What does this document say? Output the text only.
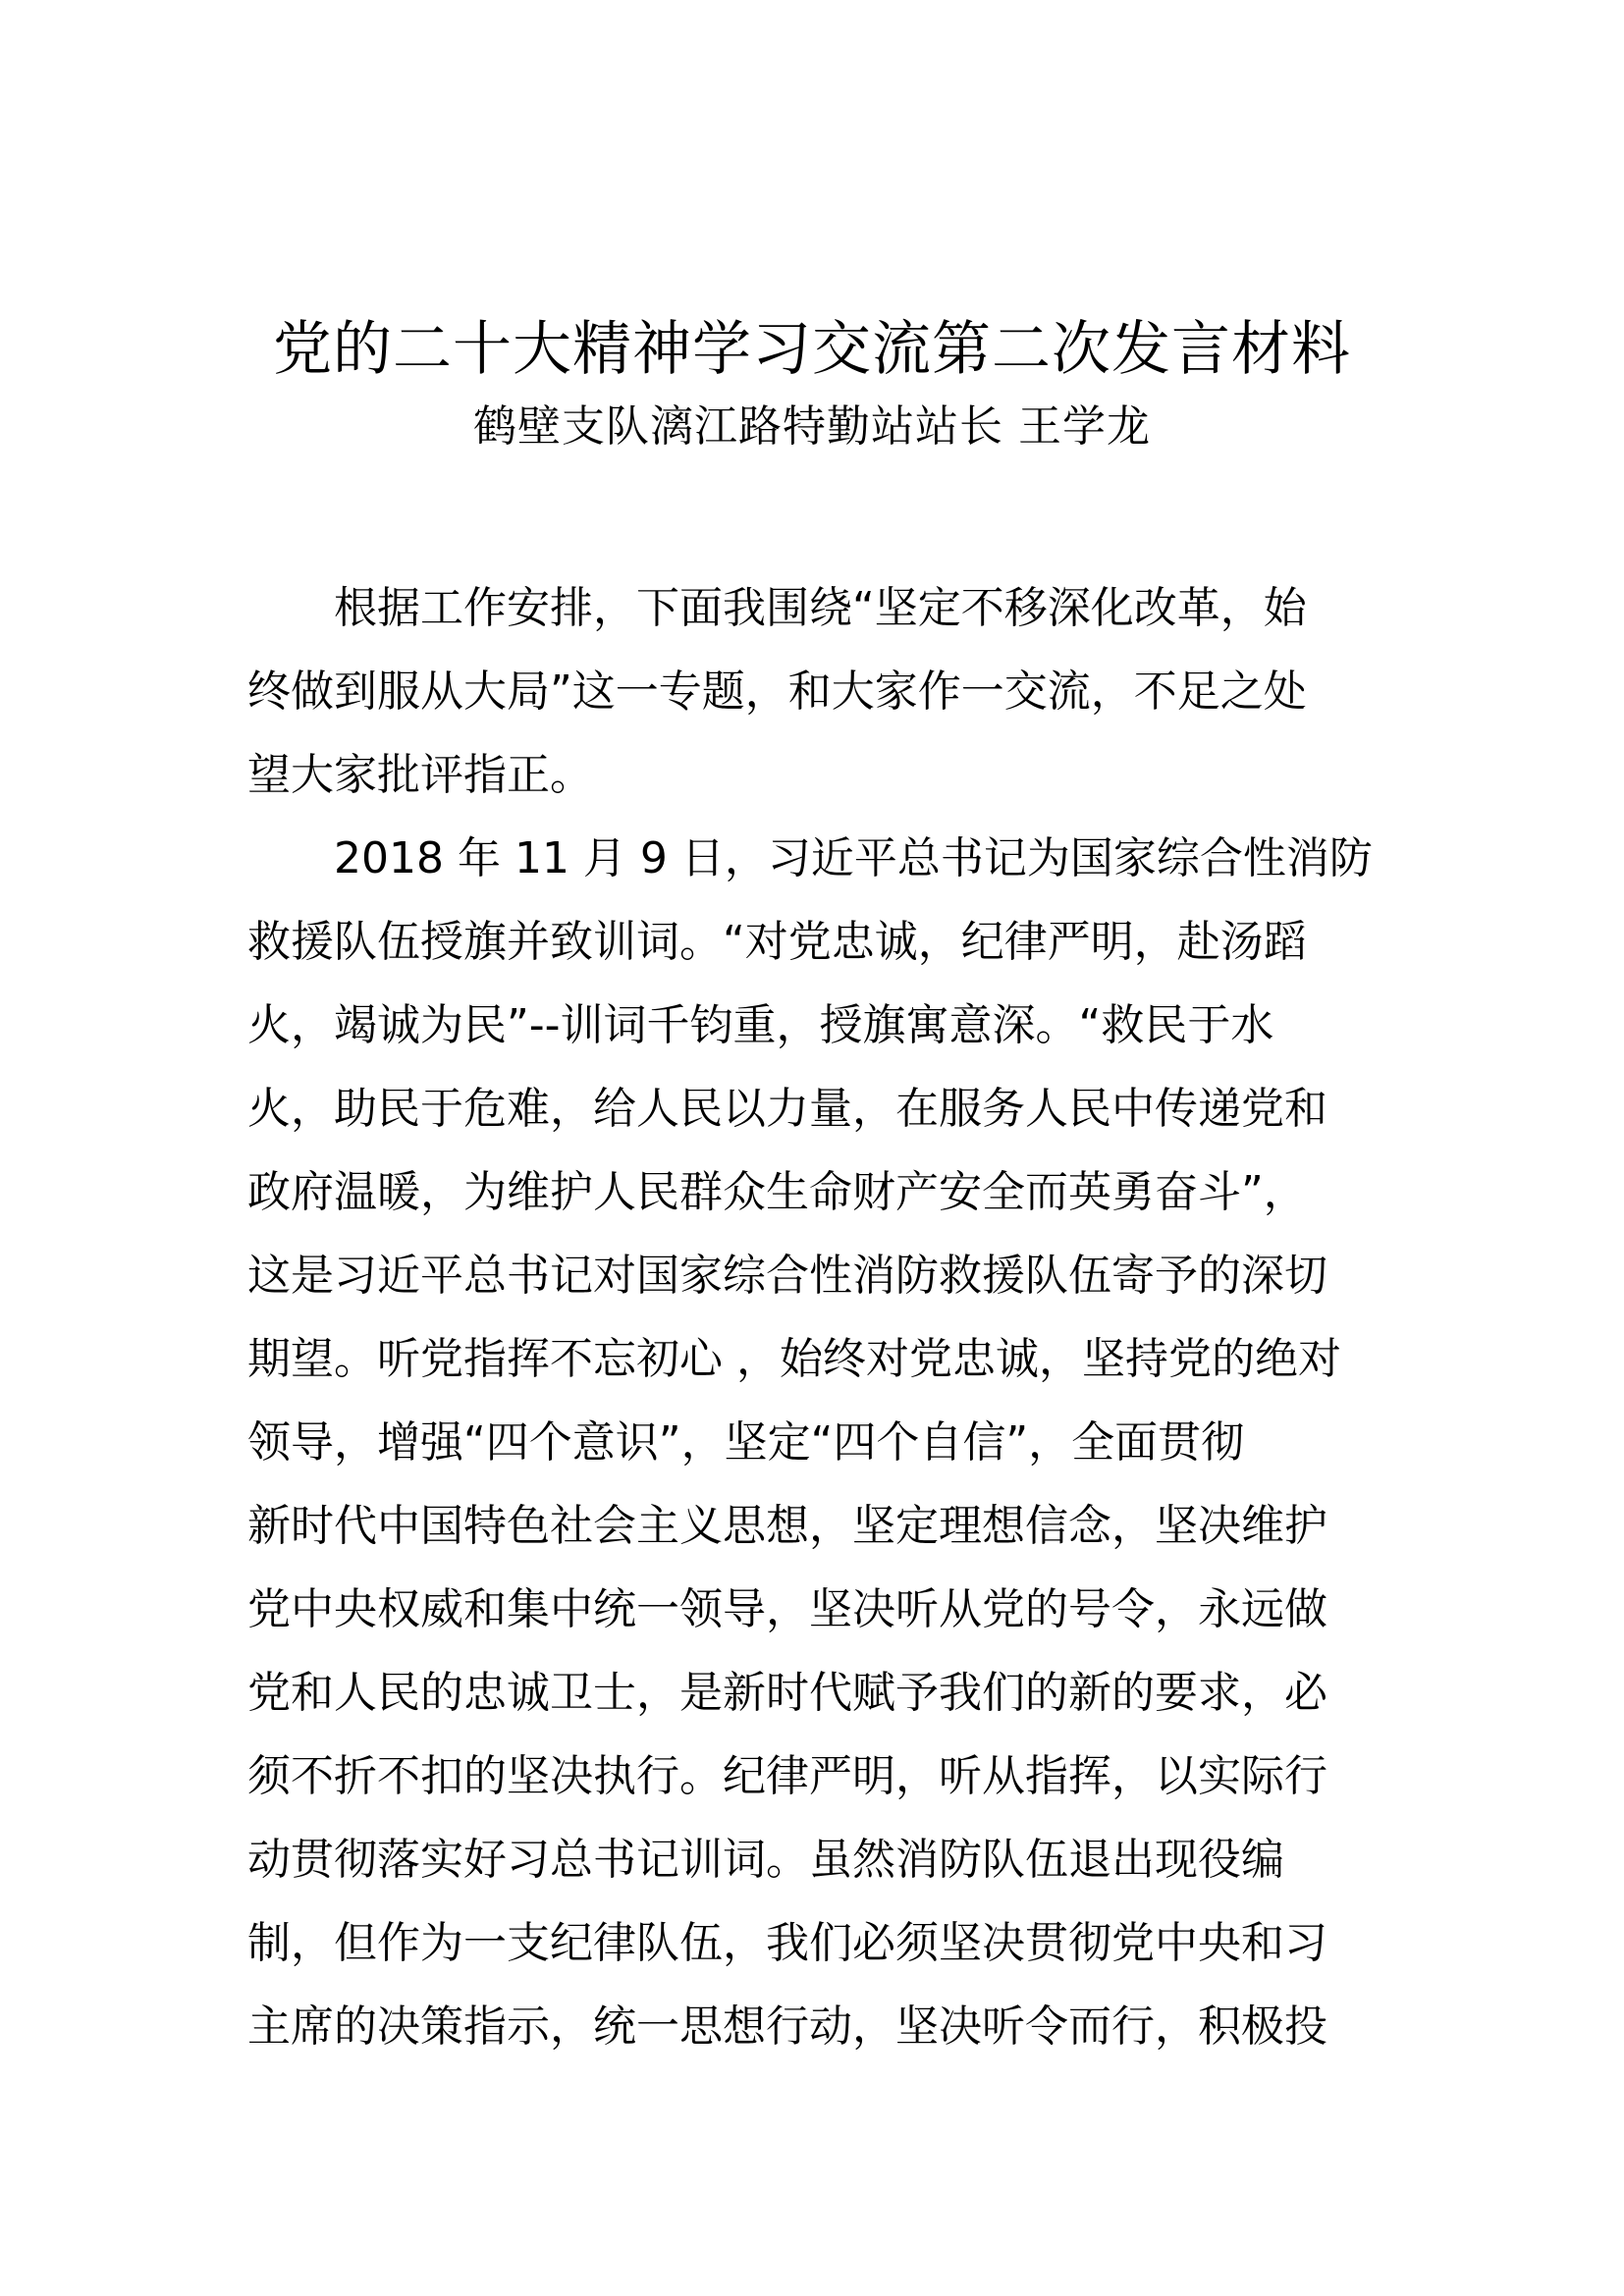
党的二十大精神学习交流第二次发言材料
鹤壁支队漓江路特勤站站长 王学龙
　　根据工作安排，下面我围绕“坚定不移深化改革，始
终做到服从大局”这一专题，和大家作一交流，不足之处
望大家批评指正。
　　2018 年 11 月 9 日，习近平总书记为国家综合性消防
救援队伍授旗并致训词。“对党忠诚，纪律严明，赴汤蹈
火，竭诚为民”--训词千钧重，授旗寓意深。“救民于水
火，助民于危难，给人民以力量，在服务人民中传递党和
政府温暖，为维护人民群众生命财产安全而英勇奋斗”，
这是习近平总书记对国家综合性消防救援队伍寄予的深切
期望。听党指挥不忘初心 ，始终对党忠诚，坚持党的绝对
领导，增强“四个意识”，坚定“四个自信”，全面贯彻
新时代中国特色社会主义思想，坚定理想信念，坚决维护
党中央权威和集中统一领导，坚决听从党的号令，永远做
党和人民的忠诚卫士，是新时代赋予我们的新的要求，必
须不折不扣的坚决执行。纪律严明，听从指挥，以实际行
动贯彻落实好习总书记训词。虽然消防队伍退出现役编
制，但作为一支纪律队伍，我们必须坚决贯彻党中央和习
主席的决策指示，统一思想行动，坚决听令而行，积极投
